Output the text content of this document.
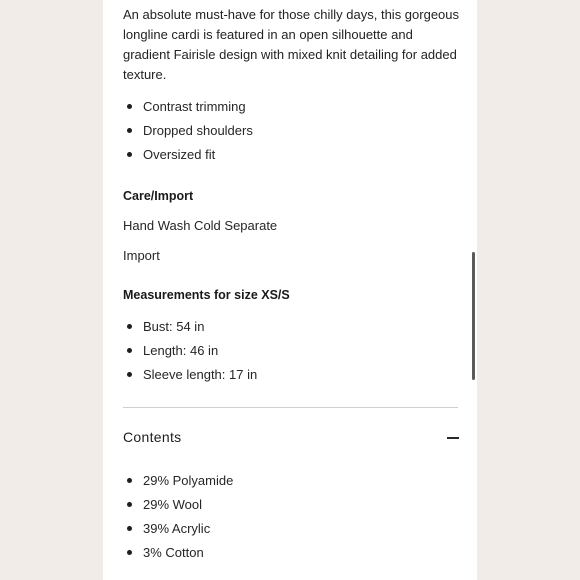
An absolute must-have for those chilly days, this gorgeous longline cardi is featured in an open silhouette and gradient Fairisle design with mixed knit detailing for added texture.
Contrast trimming
Dropped shoulders
Oversized fit
Care/Import
Hand Wash Cold Separate
Import
Measurements for size XS/S
Bust: 54 in
Length: 46 in
Sleeve length: 17 in
Contents
29% Polyamide
29% Wool
39% Acrylic
3% Cotton
